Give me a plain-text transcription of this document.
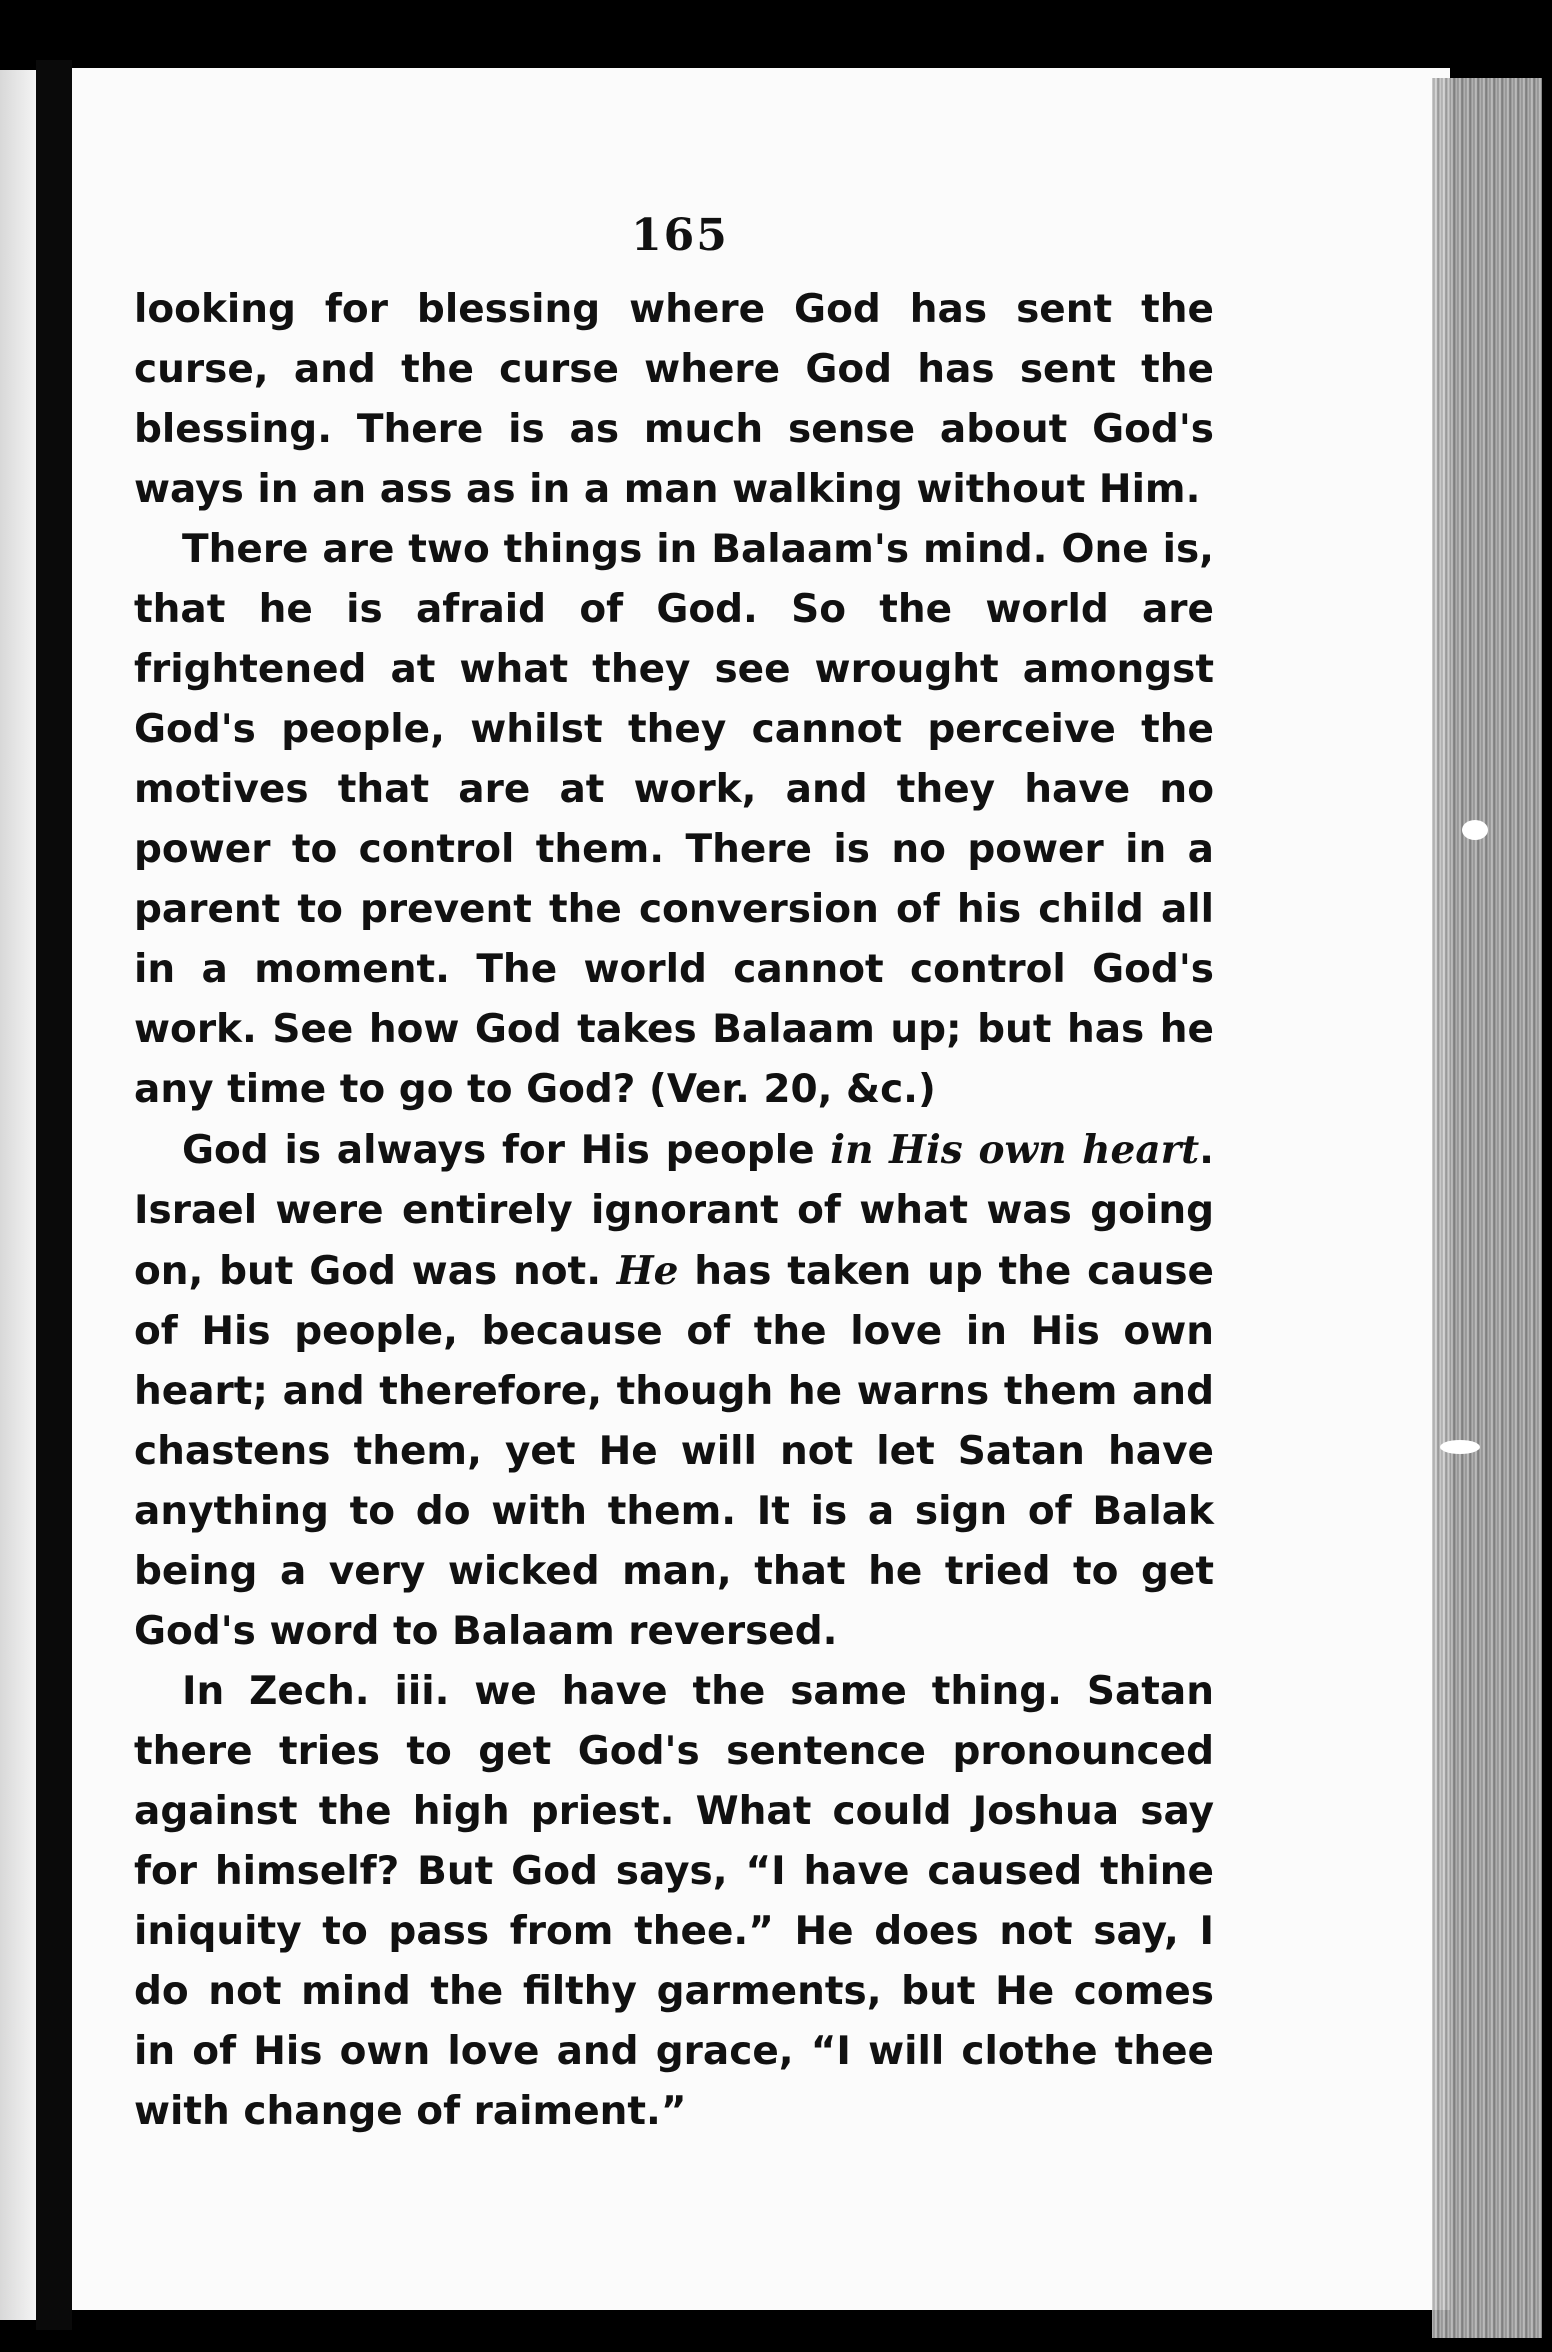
165

looking for blessing where God has sent the curse, and the curse where God has sent the blessing. There is as much sense about God's ways in an ass as in a man walking without Him.

There are two things in Balaam's mind. One is, that he is afraid of God. So the world are frightened at what they see wrought amongst God's people, whilst they cannot perceive the motives that are at work, and they have no power to control them. There is no power in a parent to prevent the conversion of his child all in a moment. The world cannot control God's work. See how God takes Balaam up; but has he any time to go to God? (Ver. 20, &c.)

God is always for His people in His own heart. Israel were entirely ignorant of what was going on, but God was not. He has taken up the cause of His people, because of the love in His own heart; and therefore, though he warns them and chastens them, yet He will not let Satan have anything to do with them. It is a sign of Balak being a very wicked man, that he tried to get God's word to Balaam reversed.

In Zech. iii. we have the same thing. Satan there tries to get God's sentence pronounced against the high priest. What could Joshua say for himself? But God says, “I have caused thine iniquity to pass from thee.” He does not say, I do not mind the filthy garments, but He comes in of His own love and grace, “I will clothe thee with change of raiment.”
